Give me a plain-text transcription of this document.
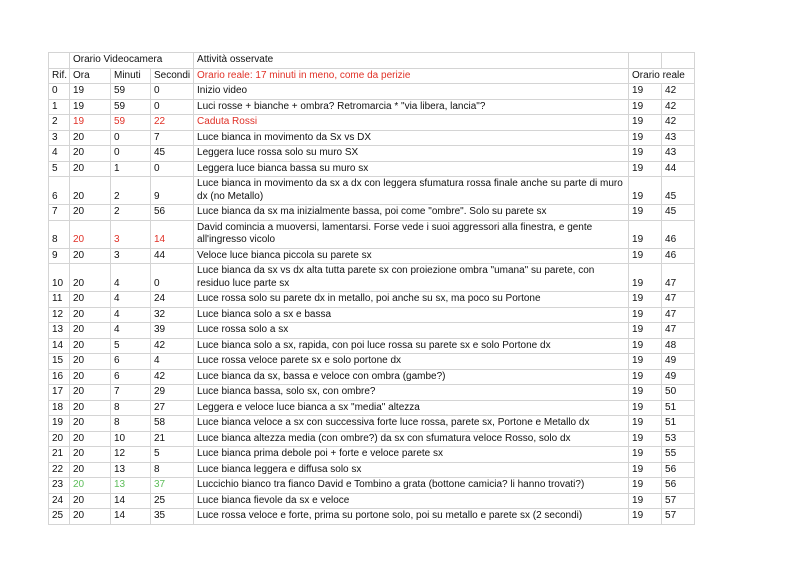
	Orario Videocamera			Attività osservate		
Rif.	Ora	Minuti	Secondi	Orario reale: 17 minuti in meno, come da perizie	Orario reale	
0	19	59	0	Inizio video	19	42
1	19	59	0	Luci rosse + bianche + ombra? Retromarcia * "via libera, lancia"?	19	42
2	19	59	22	Caduta Rossi	19	42
3	20	0	7	Luce bianca in movimento da Sx vs DX	19	43
4	20	0	45	Leggera luce rossa solo su muro SX	19	43
5	20	1	0	Leggera luce bianca bassa su muro sx	19	44
6	20	2	9	Luce bianca in movimento da sx a dx con leggera sfumatura rossa finale anche su parte di muro dx (no Metallo)	19	45
7	20	2	56	Luce bianca da sx ma inizialmente bassa, poi come "ombre". Solo su parete sx	19	45
8	20	3	14	David comincia a muoversi, lamentarsi. Forse vede i suoi aggressori alla finestra, e gente all'ingresso vicolo	19	46
9	20	3	44	Veloce luce bianca piccola su parete sx	19	46
10	20	4	0	Luce bianca da sx vs dx alta tutta parete sx con proiezione ombra "umana" su parete, con residuo luce parte sx	19	47
11	20	4	24	Luce rossa solo su parete dx in metallo, poi anche su sx, ma poco su Portone	19	47
12	20	4	32	Luce bianca solo a sx e bassa	19	47
13	20	4	39	Luce rossa solo a sx	19	47
14	20	5	42	Luce bianca solo a sx, rapida, con poi luce rossa su parete sx e solo Portone dx	19	48
15	20	6	4	Luce rossa veloce parete sx e solo portone dx	19	49
16	20	6	42	Luce bianca da sx, bassa e veloce con ombra (gambe?)	19	49
17	20	7	29	Luce bianca bassa, solo sx, con ombre?	19	50
18	20	8	27	Leggera e veloce luce bianca a sx "media" altezza	19	51
19	20	8	58	Luce bianca veloce a sx con successiva forte luce rossa, parete sx, Portone e Metallo dx	19	51
20	20	10	21	Luce bianca altezza media (con ombre?) da sx con sfumatura veloce Rosso, solo dx	19	53
21	20	12	5	Luce bianca prima debole poi + forte e veloce parete sx	19	55
22	20	13	8	Luce bianca leggera e diffusa solo sx	19	56
23	20	13	37	Luccichio bianco tra fianco David e Tombino a grata (bottone camicia? li hanno trovati?)	19	56
24	20	14	25	Luce bianca fievole da sx e veloce	19	57
25	20	14	35	Luce rossa veloce e forte, prima su portone solo, poi su metallo e parete sx (2 secondi)	19	57
